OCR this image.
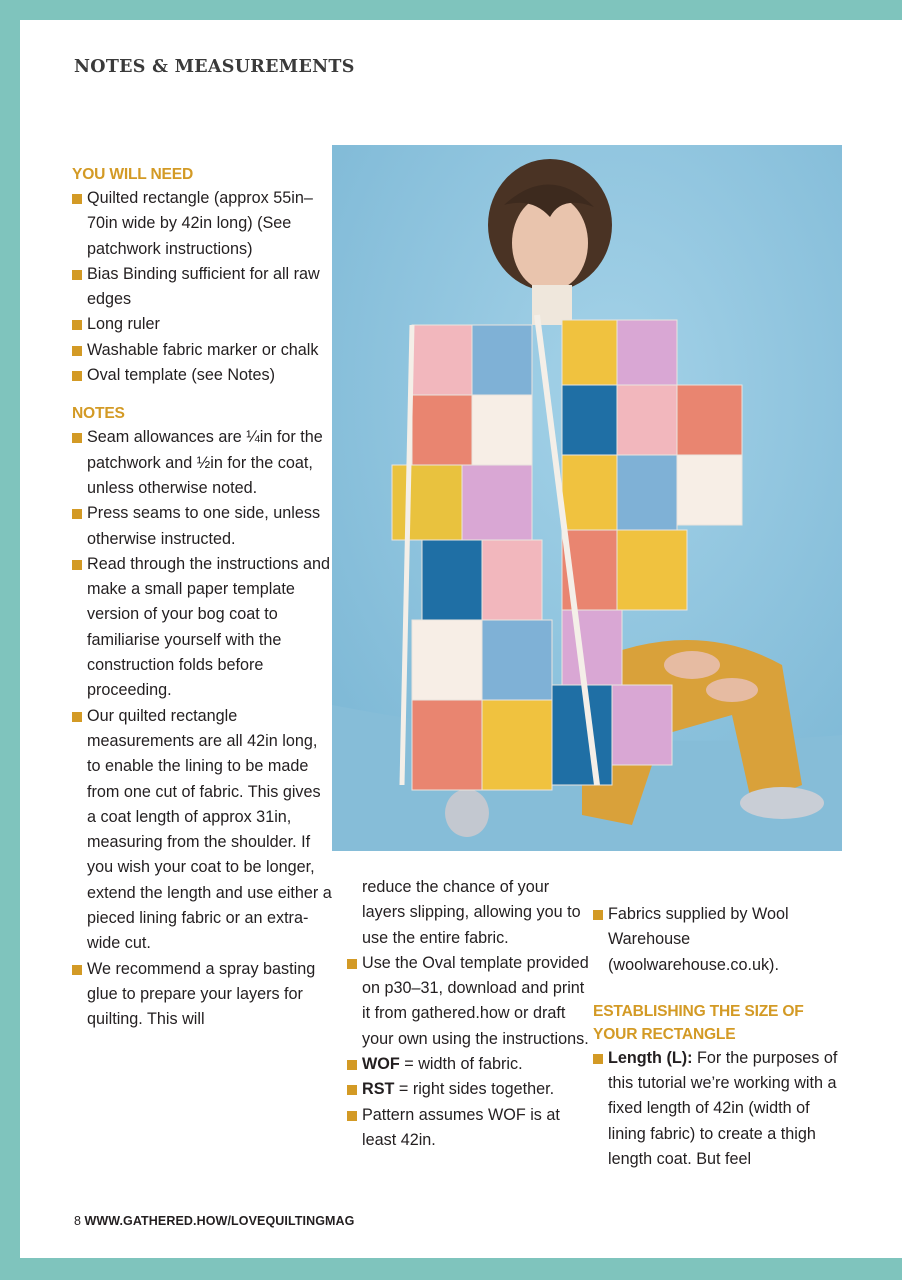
NOTES & MEASUREMENTS
YOU WILL NEED
Quilted rectangle (approx 55in–70in wide by 42in long) (See patchwork instructions)
Bias Binding sufficient for all raw edges
Long ruler
Washable fabric marker or chalk
Oval template (see Notes)
NOTES
Seam allowances are ¼in for the patchwork and ½in for the coat, unless otherwise noted.
Press seams to one side, unless otherwise instructed.
Read through the instructions and make a small paper template version of your bog coat to familiarise yourself with the construction folds before proceeding.
Our quilted rectangle measurements are all 42in long, to enable the lining to be made from one cut of fabric. This gives a coat length of approx 31in, measuring from the shoulder. If you wish your coat to be longer, extend the length and use either a pieced lining fabric or an extra-wide cut.
We recommend a spray basting glue to prepare your layers for quilting. This will
reduce the chance of your layers slipping, allowing you to use the entire fabric.
Use the Oval template provided on p30–31, download and print it from gathered.how or draft your own using the instructions.
WOF = width of fabric.
RST = right sides together.
Pattern assumes WOF is at least 42in.
Fabrics supplied by Wool Warehouse (woolwarehouse.co.uk).
ESTABLISHING THE SIZE OF
YOUR RECTANGLE
Length (L): For the purposes of this tutorial we’re working with a fixed length of 42in (width of lining fabric) to create a thigh length coat. But feel
8 WWW.GATHERED.HOW/LOVEQUILTINGMAG
